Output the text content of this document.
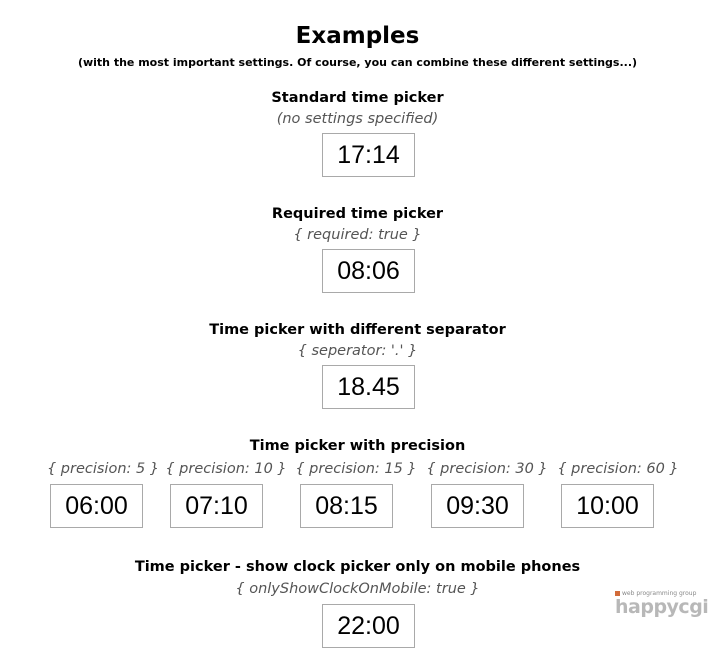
Examples
(with the most important settings. Of course, you can combine these different settings...)
Standard time picker
(no settings specified)
17:14
Required time picker
{ required: true }
08:06
Time picker with different separator
{ seperator: '.' }
18.45
Time picker with precision
{ precision: 5 }
06:00 { precision: 10 }
07:10 { precision: 15 }
08:15 { precision: 30 }
09:30 { precision: 60 }
10:00
Time picker - show clock picker only on mobile phones
{ onlyShowClockOnMobile: true }
22:00	web programming group
happycgi
